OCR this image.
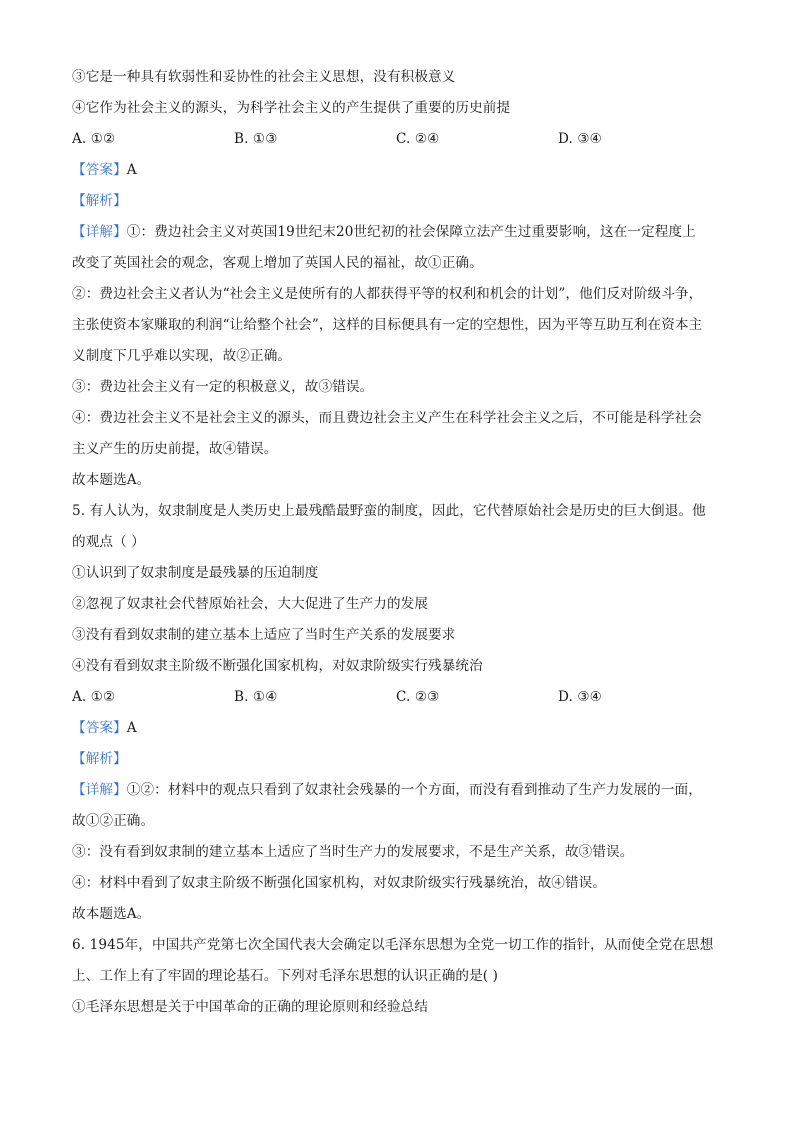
③它是一种具有软弱性和妥协性的社会主义思想，没有积极意义
④它作为社会主义的源头，为科学社会主义的产生提供了重要的历史前提
A. ①②	B. ①③	C. ②④	D. ③④
【答案】A
【解析】
【详解】①：费边社会主义对英国19世纪末20世纪初的社会保障立法产生过重要影响，这在一定程度上
改变了英国社会的观念，客观上增加了英国人民的福祉，故①正确。
②：费边社会主义者认为“社会主义是使所有的人都获得平等的权利和机会的计划”，他们反对阶级斗争，
主张使资本家赚取的利润“让给整个社会”，这样的目标便具有一定的空想性，因为平等互助互利在资本主
义制度下几乎难以实现，故②正确。
③：费边社会主义有一定的积极意义，故③错误。
④：费边社会主义不是社会主义的源头，而且费边社会主义产生在科学社会主义之后，不可能是科学社会
主义产生的历史前提，故④错误。
故本题选A。
5. 有人认为，奴隶制度是人类历史上最残酷最野蛮的制度，因此，它代替原始社会是历史的巨大倒退。他
的观点（ ）
①认识到了奴隶制度是最残暴的压迫制度
②忽视了奴隶社会代替原始社会，大大促进了生产力的发展
③没有看到奴隶制的建立基本上适应了当时生产关系的发展要求
④没有看到奴隶主阶级不断强化国家机构，对奴隶阶级实行残暴统治
A. ①②	B. ①④	C. ②③	D. ③④
【答案】A
【解析】
【详解】①②：材料中的观点只看到了奴隶社会残暴的一个方面，而没有看到推动了生产力发展的一面，
故①②正确。
③：没有看到奴隶制的建立基本上适应了当时生产力的发展要求，不是生产关系，故③错误。
④：材料中看到了奴隶主阶级不断强化国家机构，对奴隶阶级实行残暴统治，故④错误。
故本题选A。
6. 1945年，中国共产党第七次全国代表大会确定以毛泽东思想为全党一切工作的指针，从而使全党在思想
上、工作上有了牢固的理论基石。下列对毛泽东思想的认识正确的是( )
①毛泽东思想是关于中国革命的正确的理论原则和经验总结
